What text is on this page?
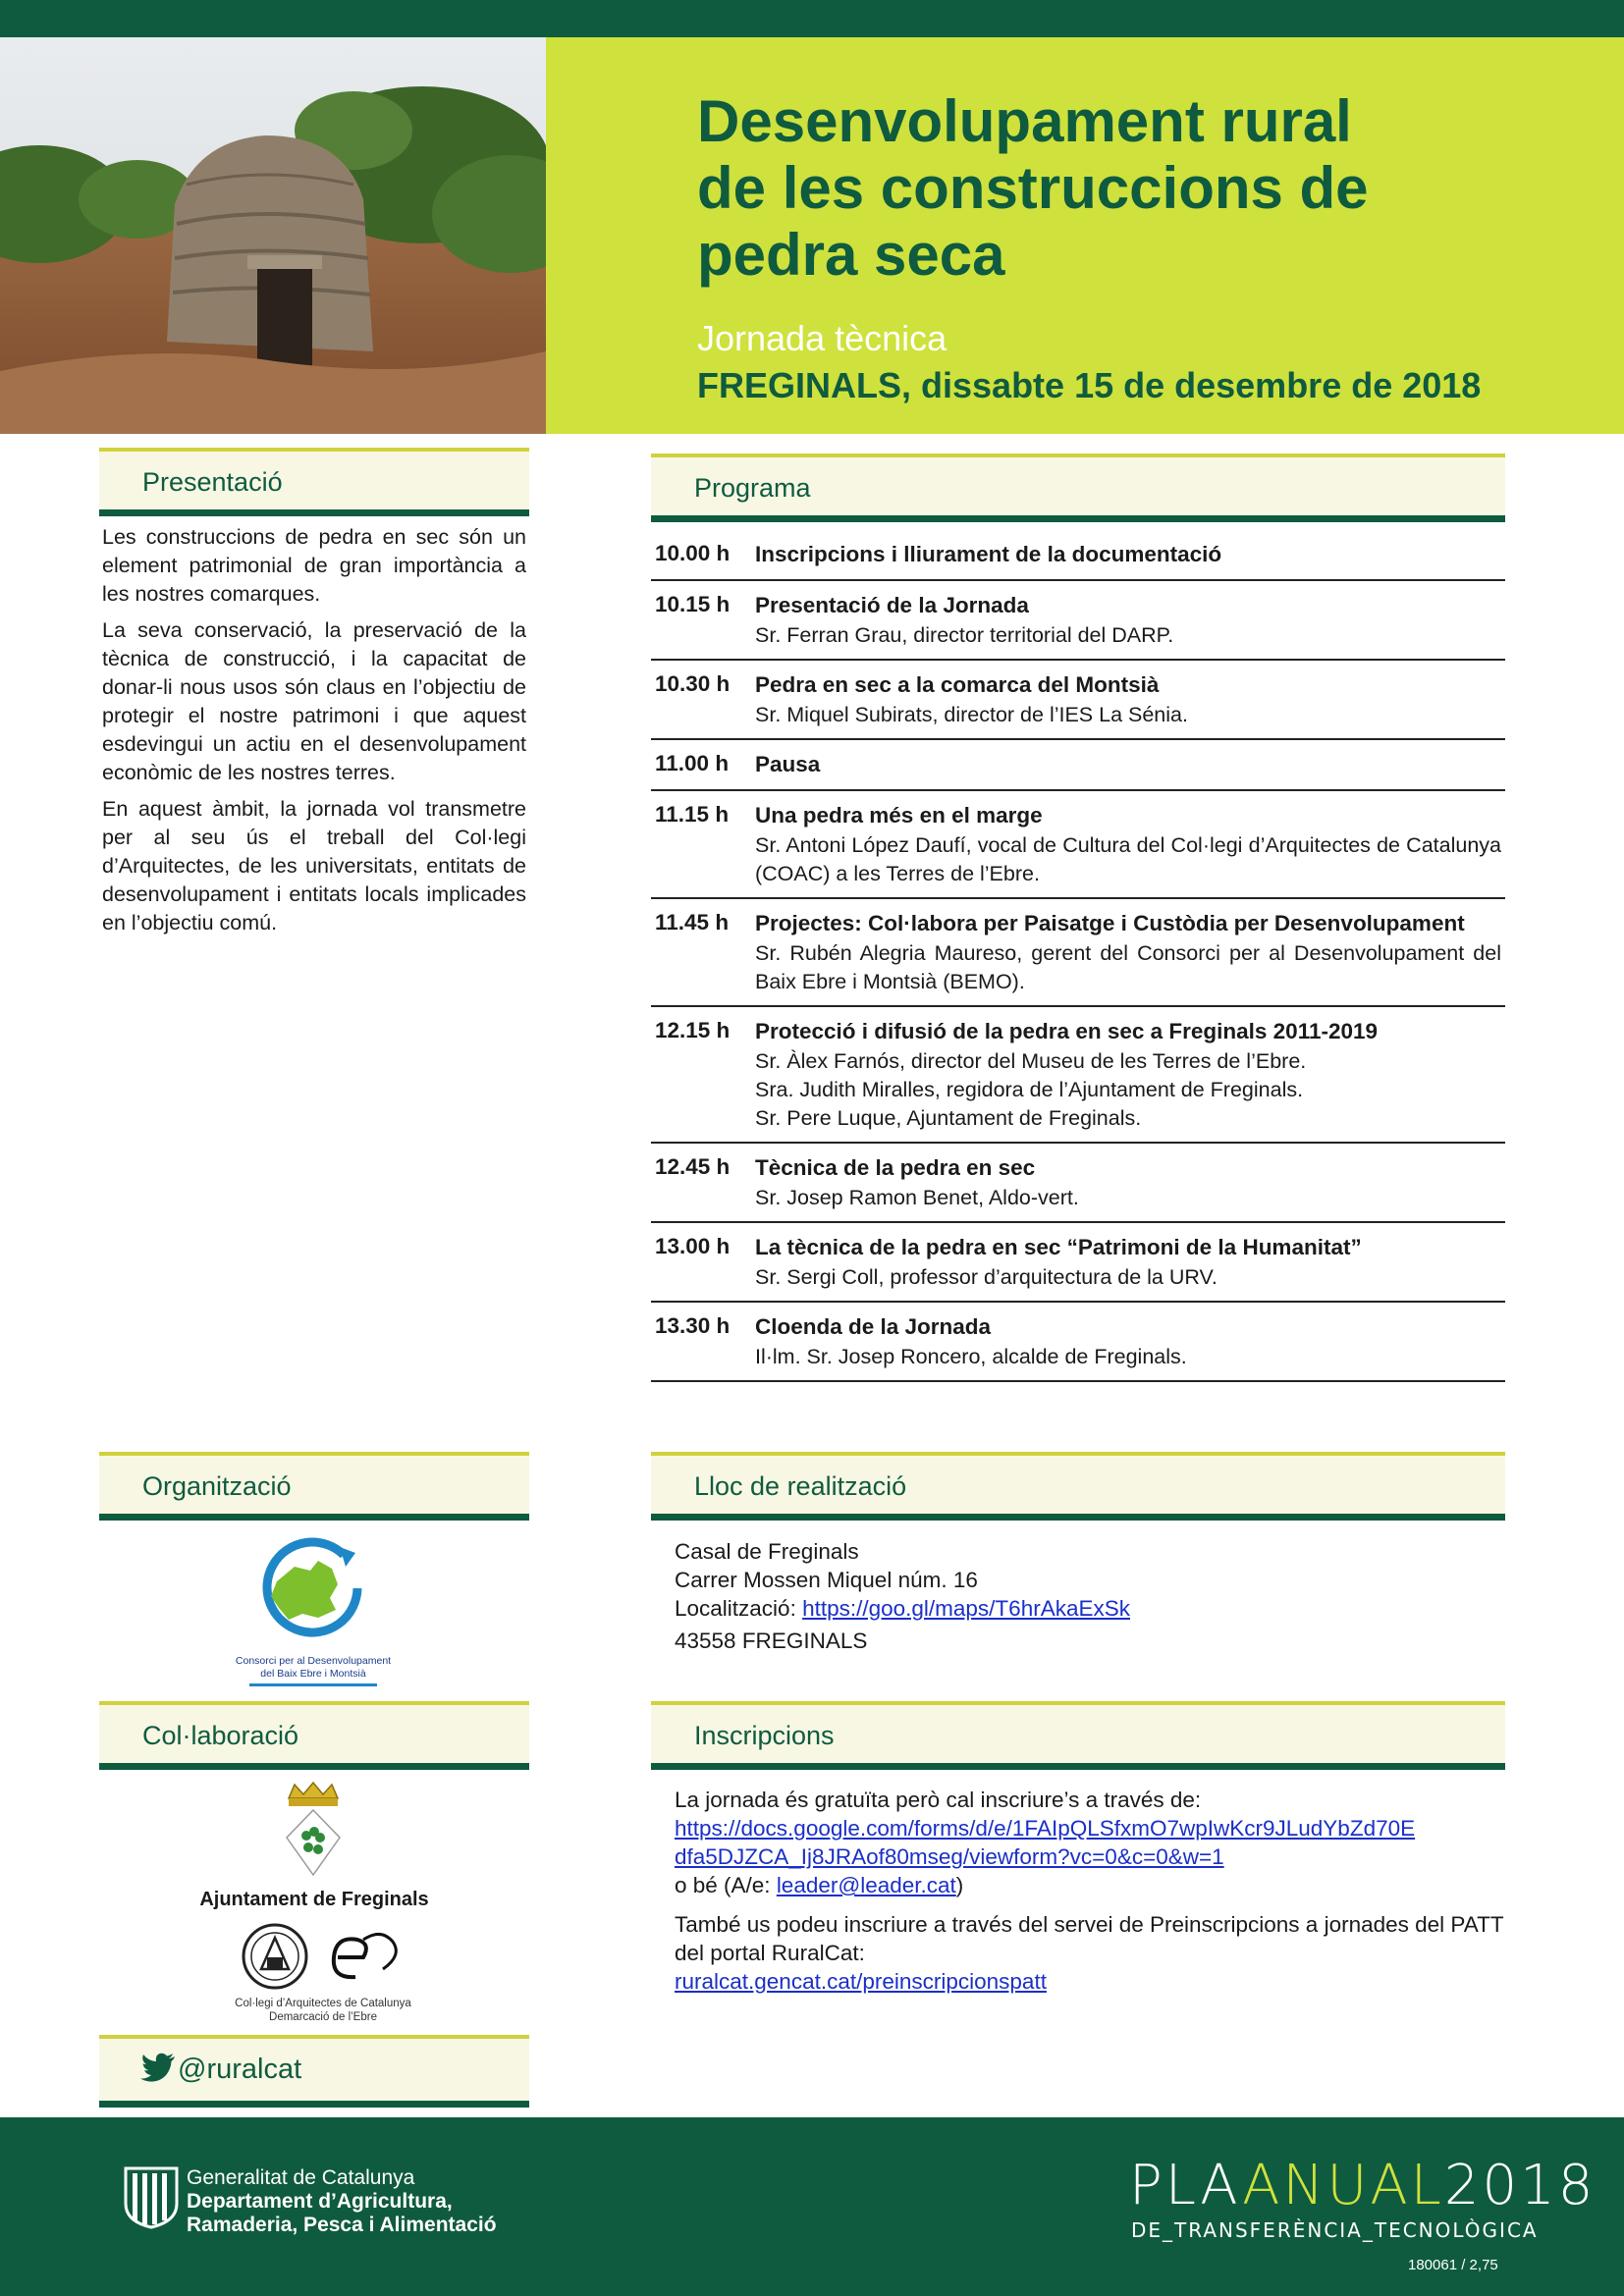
Desenvolupament rural
de les construccions de
pedra seca
Jornada tècnica
FREGINALS, dissabte 15 de desembre de 2018
Presentació

Les construccions de pedra en sec són un element patrimonial de gran importància a les nostres comarques.

La seva conservació, la preservació de la tècnica de construcció, i la capacitat de donar-li nous usos són claus en l’objectiu de protegir el nostre patrimoni i que aquest esdevingui un actiu en el desenvolupament econòmic de les nostres terres.

En aquest àmbit, la jornada vol transmetre per al seu ús el treball del Col·legi d’Arquitectes, de les universitats, entitats de desenvolupament i entitats locals implicades en l’objectiu comú.

Programa
10.00 h	Inscripcions i lliurament de la documentació
10.15 h	Presentació de la Jornada
Sr. Ferran Grau, director territorial del DARP.
10.30 h	Pedra en sec a la comarca del Montsià
Sr. Miquel Subirats, director de l’IES La Sénia.
11.00 h	Pausa
11.15 h	Una pedra més en el marge
Sr. Antoni López Daufí, vocal de Cultura del Col·legi d’Arquitectes de Catalunya (COAC) a les Terres de l’Ebre.
11.45 h	Projectes: Col·labora per Paisatge i Custòdia per Desenvolupament
Sr. Rubén Alegria Maureso, gerent del Consorci per al Desenvolupament del Baix Ebre i Montsià (BEMO).
12.15 h	Protecció i difusió de la pedra en sec a Freginals 2011-2019
Sr. Àlex Farnós, director del Museu de les Terres de l’Ebre.
Sra. Judith Miralles, regidora de l’Ajuntament de Freginals.
Sr. Pere Luque, Ajuntament de Freginals.
12.45 h	Tècnica de la pedra en sec
Sr. Josep Ramon Benet, Aldo-vert.
13.00 h	La tècnica de la pedra en sec “Patrimoni de la Humanitat”
Sr. Sergi Coll, professor d’arquitectura de la URV.
13.30 h	Cloenda de la Jornada
Il·lm. Sr. Josep Roncero, alcalde de Freginals.
Organització
Consorci per al Desenvolupament
del Baix Ebre i Montsià
Col·laboració
Ajuntament de Freginals
Col·legi d’Arquitectes de Catalunya
Demarcació de l’Ebre
@ruralcat
Lloc de realització
Casal de Freginals
Carrer Mossen Miquel núm. 16
Localització: https://goo.gl/maps/T6hrAkaExSk
43558 FREGINALS
Inscripcions

La jornada és gratuïta però cal inscriure’s a través de:
https://docs.google.com/forms/d/e/1FAIpQLSfxmO7wpIwKcr9JLudYbZd70E
dfa5DJZCA_Ij8JRAof80mseg/viewform?vc=0&c=0&w=1
o bé (A/e: leader@leader.cat)

També us podeu inscriure a través del servei de Preinscripcions a jornades del PATT del portal RuralCat:
ruralcat.gencat.cat/preinscripcionspatt

Generalitat de Catalunya
Departament d’Agricultura,
Ramaderia, Pesca i Alimentació
PLAANUAL2018
DE_TRANSFERÈNCIA_TECNOLÒGICA
180061 / 2,75
